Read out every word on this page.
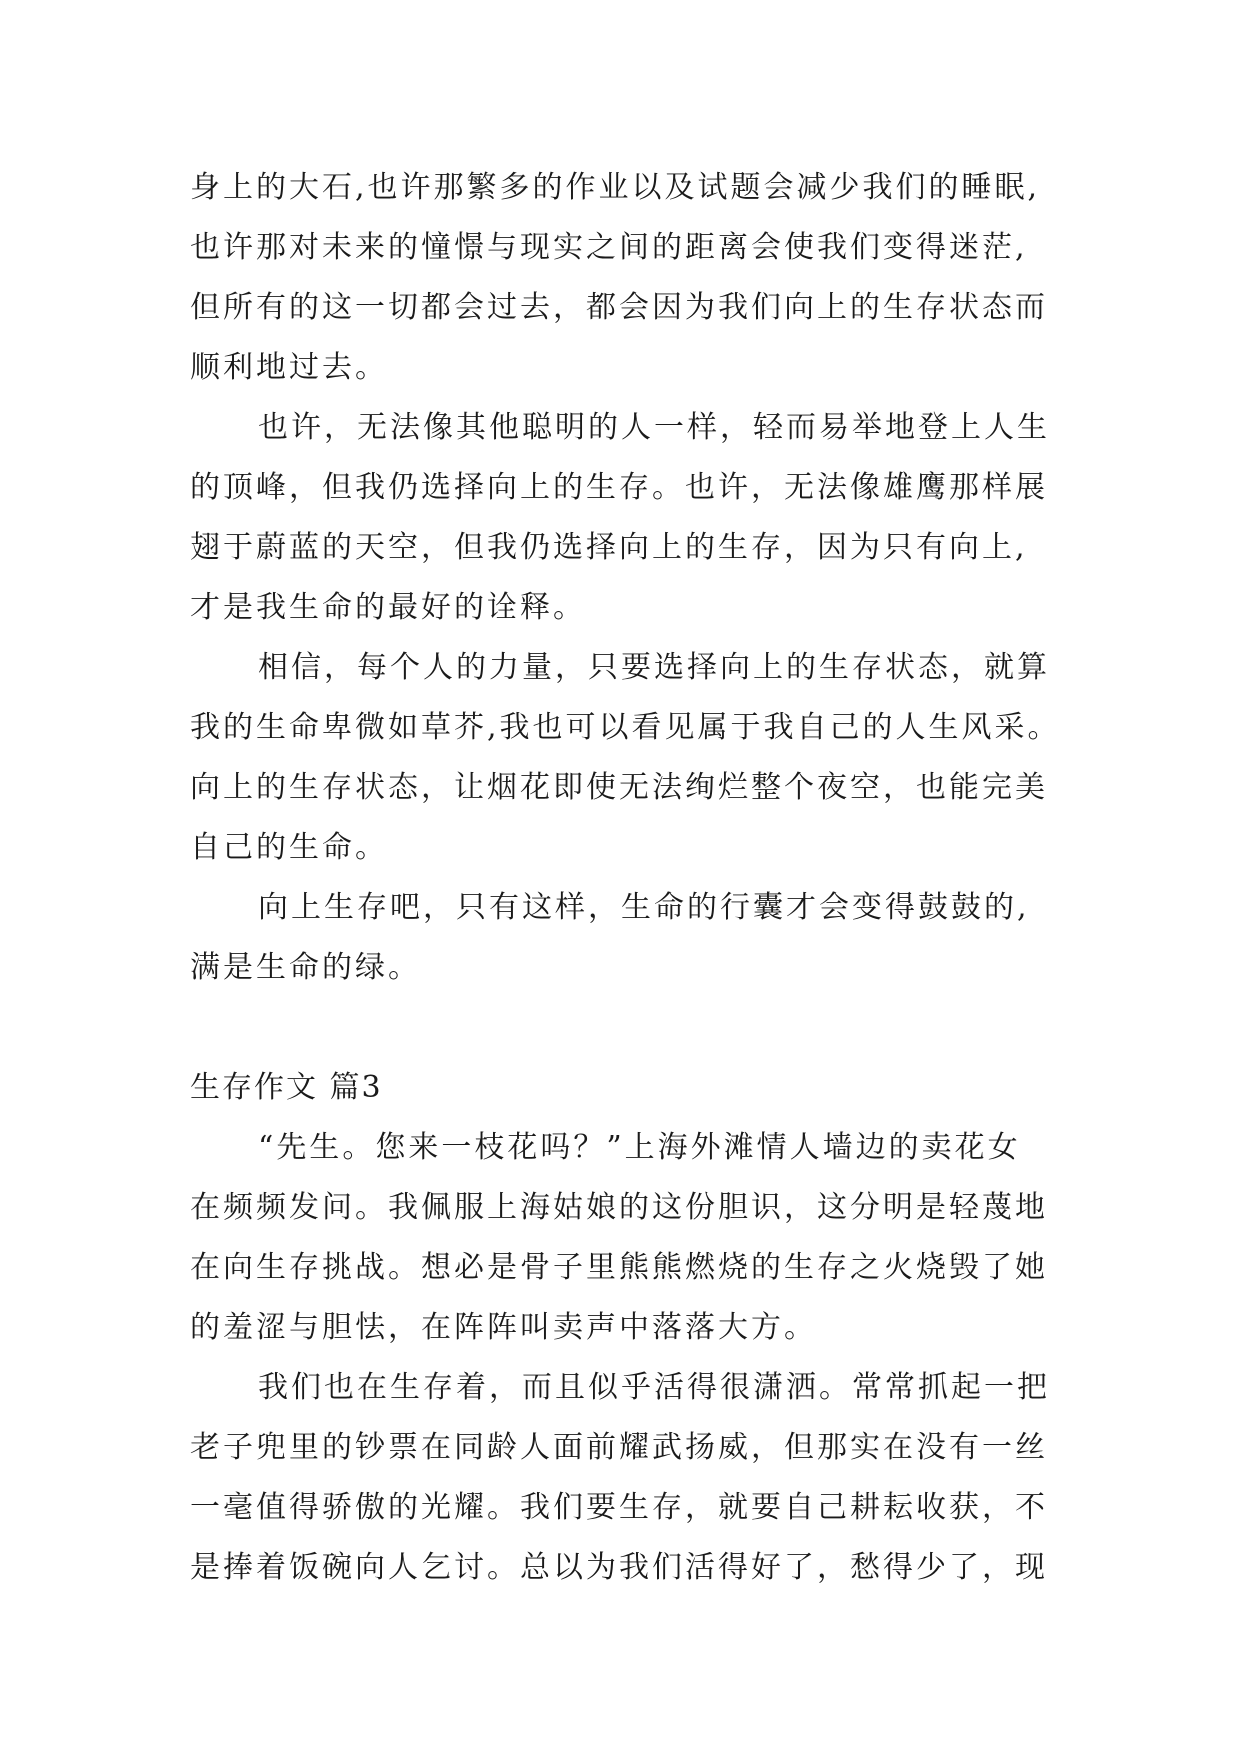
身上的大石,也许那繁多的作业以及试题会减少我们的睡眠,
也许那对未来的憧憬与现实之间的距离会使我们变得迷茫,
但所有的这一切都会过去，都会因为我们向上的生存状态而
顺利地过去。
也许，无法像其他聪明的人一样，轻而易举地登上人生
的顶峰，但我仍选择向上的生存。也许，无法像雄鹰那样展
翅于蔚蓝的天空，但我仍选择向上的生存，因为只有向上,
才是我生命的最好的诠释。
相信，每个人的力量，只要选择向上的生存状态，就算
我的生命卑微如草芥,我也可以看见属于我自己的人生风采。
向上的生存状态，让烟花即使无法绚烂整个夜空，也能完美
自己的生命。
向上生存吧，只有这样，生命的行囊才会变得鼓鼓的,
满是生命的绿。
生存作文 篇3
“先生。您来一枝花吗？”上海外滩情人墙边的卖花女
在频频发问。我佩服上海姑娘的这份胆识，这分明是轻蔑地
在向生存挑战。想必是骨子里熊熊燃烧的生存之火烧毁了她
的羞涩与胆怯，在阵阵叫卖声中落落大方。
我们也在生存着，而且似乎活得很潇洒。常常抓起一把
老子兜里的钞票在同龄人面前耀武扬威，但那实在没有一丝
一毫值得骄傲的光耀。我们要生存，就要自己耕耘收获，不
是捧着饭碗向人乞讨。总以为我们活得好了，愁得少了，现
